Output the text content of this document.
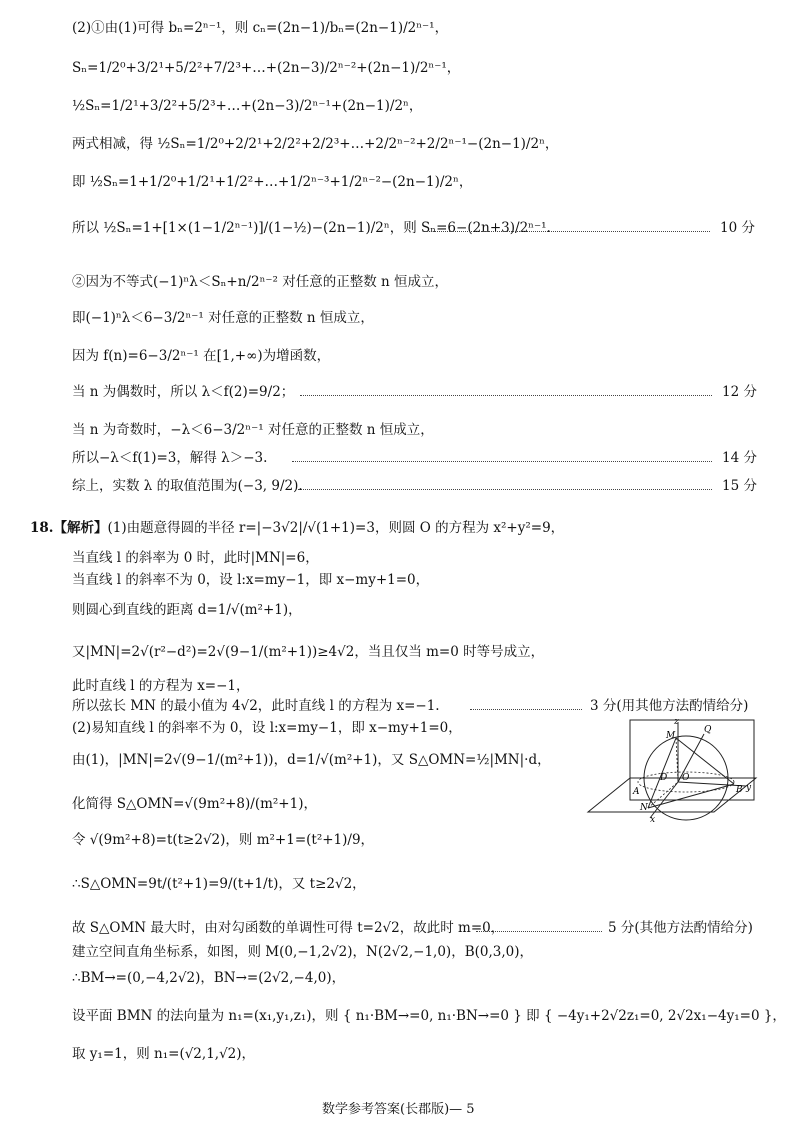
(2)①由(1)可得 bₙ=2ⁿ⁻¹，则 cₙ=(2n−1)/bₙ=(2n−1)/2ⁿ⁻¹，
Sₙ=1/2⁰+3/2¹+5/2²+7/2³+…+(2n−3)/2ⁿ⁻²+(2n−1)/2ⁿ⁻¹，
½Sₙ=1/2¹+3/2²+5/2³+…+(2n−3)/2ⁿ⁻¹+(2n−1)/2ⁿ，
两式相减，得 ½Sₙ=1/2⁰+2/2¹+2/2²+2/2³+…+2/2ⁿ⁻²+2/2ⁿ⁻¹−(2n−1)/2ⁿ，
即 ½Sₙ=1+1/2⁰+1/2¹+1/2²+…+1/2ⁿ⁻³+1/2ⁿ⁻²−(2n−1)/2ⁿ，
所以 ½Sₙ=1+[1×(1−1/2ⁿ⁻¹)]/(1−½)−(2n−1)/2ⁿ，则 Sₙ=6−(2n+3)/2ⁿ⁻¹.	10 分
②因为不等式(−1)ⁿλ＜Sₙ+n/2ⁿ⁻² 对任意的正整数 n 恒成立，
即(−1)ⁿλ＜6−3/2ⁿ⁻¹ 对任意的正整数 n 恒成立，
因为 f(n)=6−3/2ⁿ⁻¹ 在[1,+∞)为增函数，
当 n 为偶数时，所以 λ＜f(2)=9/2；	12 分
当 n 为奇数时，−λ＜6−3/2ⁿ⁻¹ 对任意的正整数 n 恒成立，
所以−λ＜f(1)=3，解得 λ＞−3.	14 分
综上，实数 λ 的取值范围为(−3, 9/2).	15 分
18.【解析】(1)由题意得圆的半径 r=|−3√2|/√(1+1)=3，则圆 O 的方程为 x²+y²=9，
当直线 l 的斜率为 0 时，此时|MN|=6，
当直线 l 的斜率不为 0，设 l:x=my−1，即 x−my+1=0，
则圆心到直线的距离 d=1/√(m²+1)，
又|MN|=2√(r²−d²)=2√(9−1/(m²+1))≥4√2，当且仅当 m=0 时等号成立，
此时直线 l 的方程为 x=−1，
所以弦长 MN 的最小值为 4√2，此时直线 l 的方程为 x=−1.	3 分(用其他方法酌情给分)
(2)易知直线 l 的斜率不为 0，设 l:x=my−1，即 x−my+1=0，
由(1)，|MN|=2√(9−1/(m²+1))，d=1/√(m²+1)，又 S△OMN=½|MN|·d，
化简得 S△OMN=√(9m²+8)/(m²+1)，
令 √(9m²+8)=t(t≥2√2)，则 m²+1=(t²+1)/9，
∴S△OMN=9t/(t²+1)=9/(t+1/t)，又 t≥2√2，
故 S△OMN 最大时，由对勾函数的单调性可得 t=2√2，故此时 m=0，	5 分(其他方法酌情给分)
建立空间直角坐标系，如图，则 M(0,−1,2√2)，N(2√2,−1,0)，B(0,3,0)，
∴BM→=(0,−4,2√2)，BN→=(2√2,−4,0)，
设平面 BMN 的法向量为 n₁=(x₁,y₁,z₁)，则 { n₁·BM→=0, n₁·BN→=0 } 即 { −4y₁+2√2z₁=0, 2√2x₁−4y₁=0 }，
取 y₁=1，则 n₁=(√2,1,√2)，
z
M
Q
D O
A	B y
N
x
数学参考答案(长郡版)— 5
